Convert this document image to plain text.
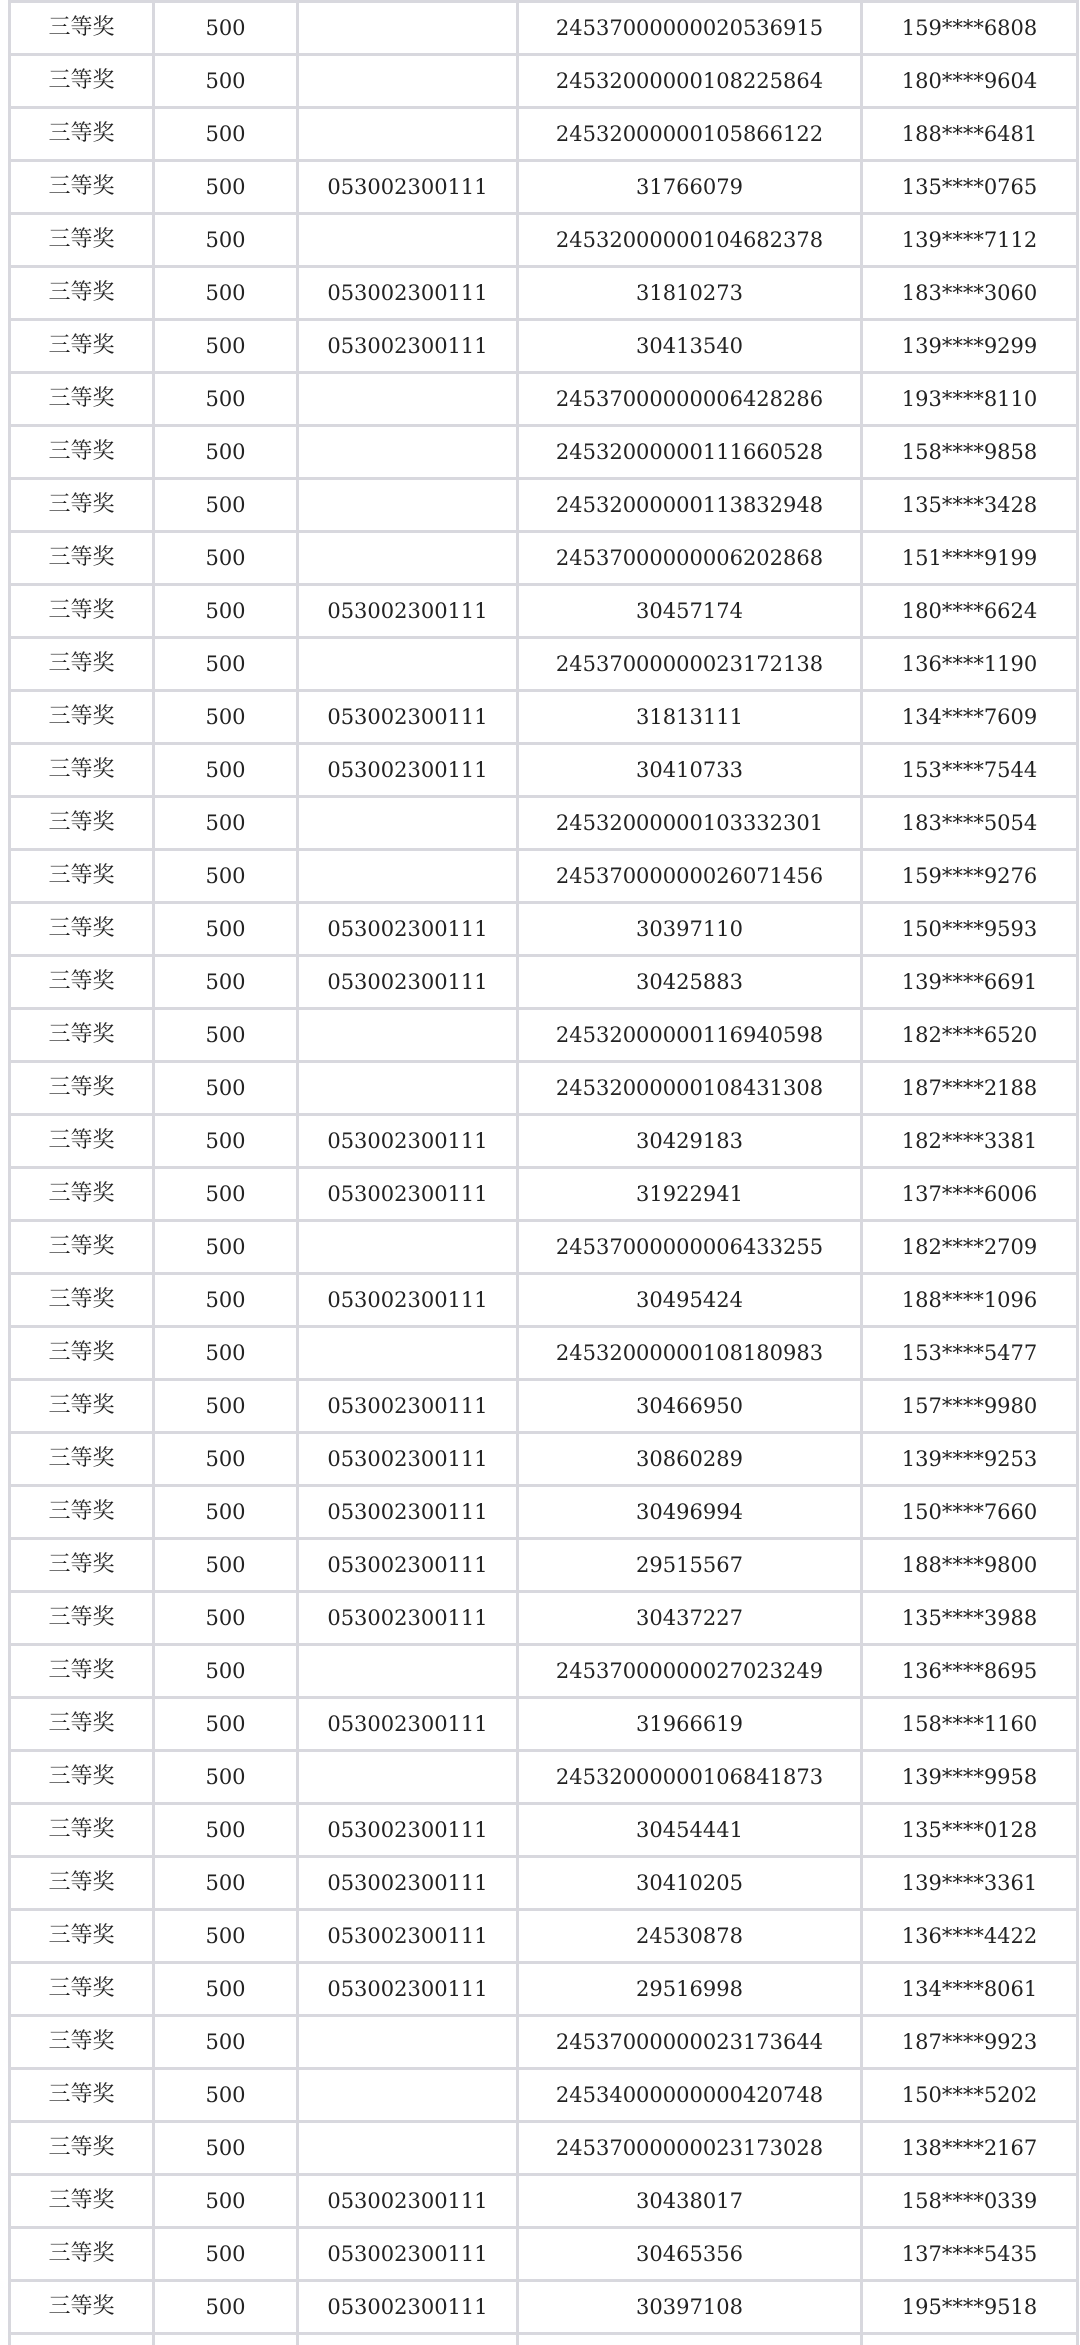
三等奖	500		24537000000020536915	159****6808
三等奖	500		24532000000108225864	180****9604
三等奖	500		24532000000105866122	188****6481
三等奖	500	053002300111	31766079	135****0765
三等奖	500		24532000000104682378	139****7112
三等奖	500	053002300111	31810273	183****3060
三等奖	500	053002300111	30413540	139****9299
三等奖	500		24537000000006428286	193****8110
三等奖	500		24532000000111660528	158****9858
三等奖	500		24532000000113832948	135****3428
三等奖	500		24537000000006202868	151****9199
三等奖	500	053002300111	30457174	180****6624
三等奖	500		24537000000023172138	136****1190
三等奖	500	053002300111	31813111	134****7609
三等奖	500	053002300111	30410733	153****7544
三等奖	500		24532000000103332301	183****5054
三等奖	500		24537000000026071456	159****9276
三等奖	500	053002300111	30397110	150****9593
三等奖	500	053002300111	30425883	139****6691
三等奖	500		24532000000116940598	182****6520
三等奖	500		24532000000108431308	187****2188
三等奖	500	053002300111	30429183	182****3381
三等奖	500	053002300111	31922941	137****6006
三等奖	500		24537000000006433255	182****2709
三等奖	500	053002300111	30495424	188****1096
三等奖	500		24532000000108180983	153****5477
三等奖	500	053002300111	30466950	157****9980
三等奖	500	053002300111	30860289	139****9253
三等奖	500	053002300111	30496994	150****7660
三等奖	500	053002300111	29515567	188****9800
三等奖	500	053002300111	30437227	135****3988
三等奖	500		24537000000027023249	136****8695
三等奖	500	053002300111	31966619	158****1160
三等奖	500		24532000000106841873	139****9958
三等奖	500	053002300111	30454441	135****0128
三等奖	500	053002300111	30410205	139****3361
三等奖	500	053002300111	24530878	136****4422
三等奖	500	053002300111	29516998	134****8061
三等奖	500		24537000000023173644	187****9923
三等奖	500		24534000000000420748	150****5202
三等奖	500		24537000000023173028	138****2167
三等奖	500	053002300111	30438017	158****0339
三等奖	500	053002300111	30465356	137****5435
三等奖	500	053002300111	30397108	195****9518
